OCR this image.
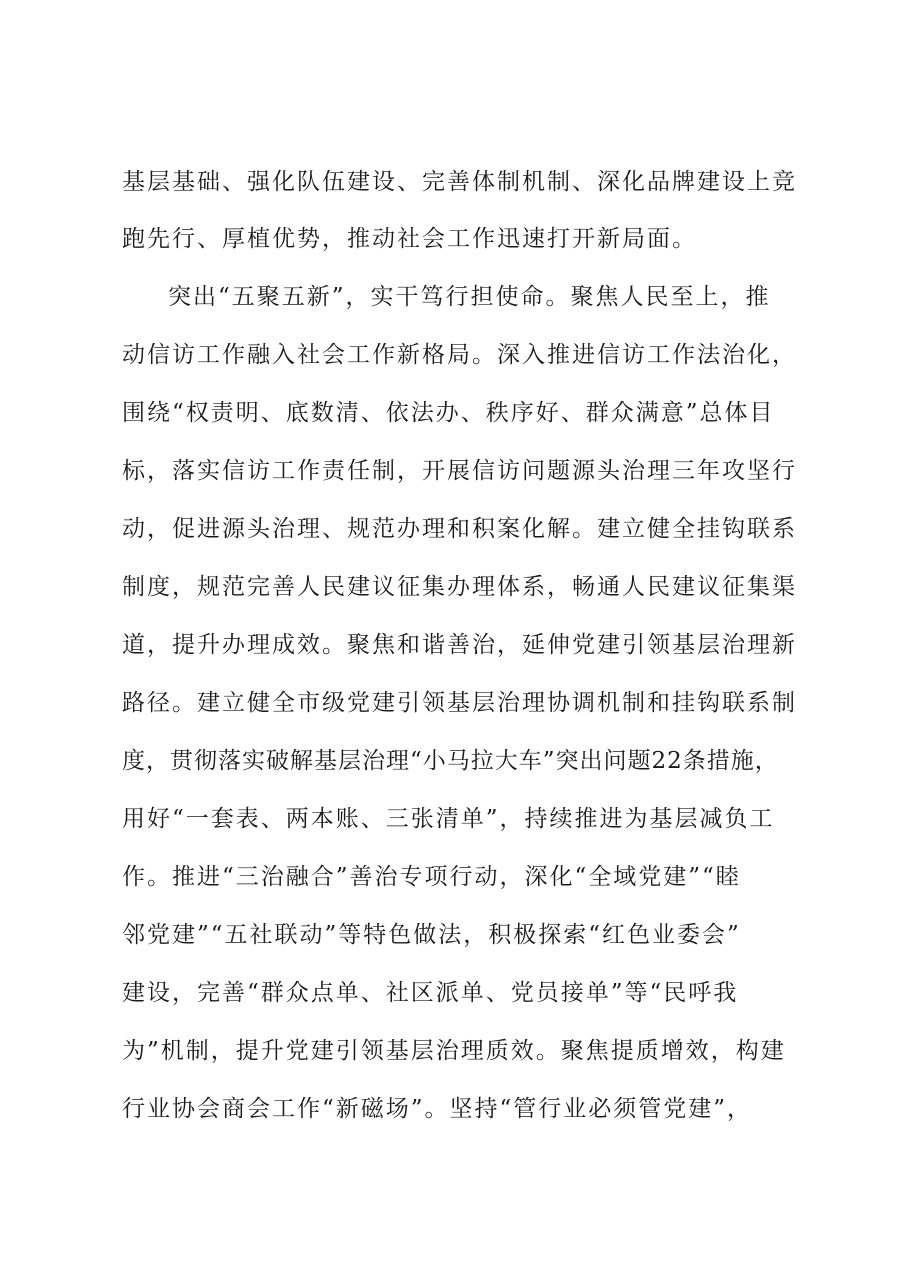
基层基础、强化队伍建设、完善体制机制、深化品牌建设上竞
跑先行、厚植优势，推动社会工作迅速打开新局面。
突出“五聚五新”，实干笃行担使命。聚焦人民至上，推
动信访工作融入社会工作新格局。深入推进信访工作法治化，
围绕“权责明、底数清、依法办、秩序好、群众满意”总体目
标，落实信访工作责任制，开展信访问题源头治理三年攻坚行
动，促进源头治理、规范办理和积案化解。建立健全挂钩联系
制度，规范完善人民建议征集办理体系，畅通人民建议征集渠
道，提升办理成效。聚焦和谐善治，延伸党建引领基层治理新
路径。建立健全市级党建引领基层治理协调机制和挂钩联系制
度，贯彻落实破解基层治理“小马拉大车”突出问题22条措施，
用好“一套表、两本账、三张清单”，持续推进为基层减负工
作。推进“三治融合”善治专项行动，深化“全域党建”“睦
邻党建”“五社联动”等特色做法，积极探索“红色业委会”
建设，完善“群众点单、社区派单、党员接单”等“民呼我
为”机制，提升党建引领基层治理质效。聚焦提质增效，构建
行业协会商会工作“新磁场”。坚持“管行业必须管党建”，
